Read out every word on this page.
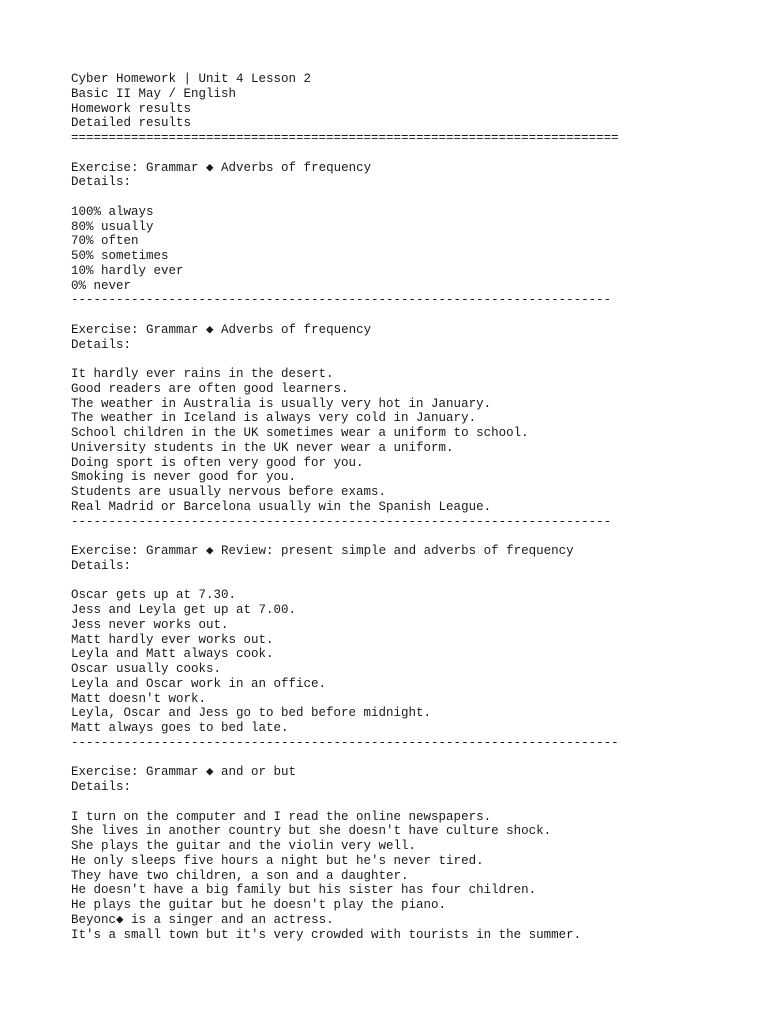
Cyber Homework | Unit 4 Lesson 2
Basic II May / English
Homework results
Detailed results
=========================================================================
Exercise: Grammar ◆ Adverbs of frequency
Details:
100% always
80% usually
70% often
50% sometimes
10% hardly ever
0% never
------------------------------------------------------------------------
Exercise: Grammar ◆ Adverbs of frequency
Details:
It hardly ever rains in the desert.
Good readers are often good learners.
The weather in Australia is usually very hot in January.
The weather in Iceland is always very cold in January.
School children in the UK sometimes wear a uniform to school.
University students in the UK never wear a uniform.
Doing sport is often very good for you.
Smoking is never good for you.
Students are usually nervous before exams.
Real Madrid or Barcelona usually win the Spanish League.
------------------------------------------------------------------------
Exercise: Grammar ◆ Review: present simple and adverbs of frequency
Details:
Oscar gets up at 7.30.
Jess and Leyla get up at 7.00.
Jess never works out.
Matt hardly ever works out.
Leyla and Matt always cook.
Oscar usually cooks.
Leyla and Oscar work in an office.
Matt doesn't work.
Leyla, Oscar and Jess go to bed before midnight.
Matt always goes to bed late.
-------------------------------------------------------------------------
Exercise: Grammar ◆ and or but
Details:
I turn on the computer and I read the online newspapers.
She lives in another country but she doesn't have culture shock.
She plays the guitar and the violin very well.
He only sleeps five hours a night but he's never tired.
They have two children, a son and a daughter.
He doesn't have a big family but his sister has four children.
He plays the guitar but he doesn't play the piano.
Beyonc◆ is a singer and an actress.
It's a small town but it's very crowded with tourists in the summer.
